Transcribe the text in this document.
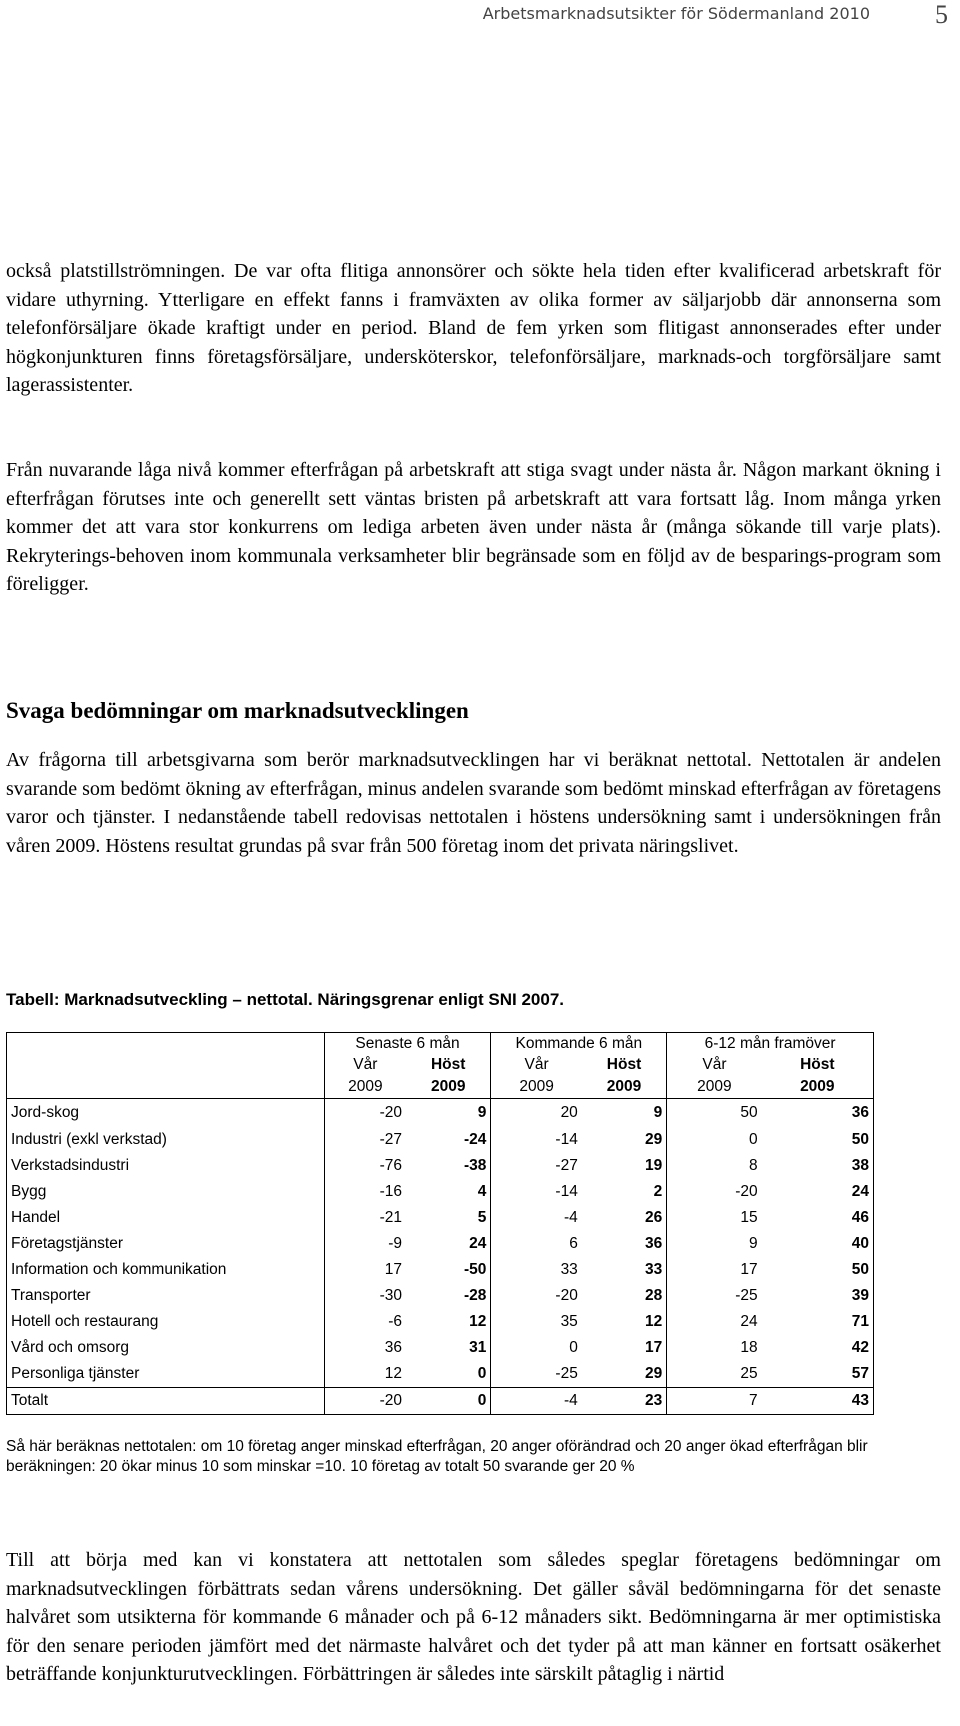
Arbetsmarknadsutsikter för Södermanland 2010	5

också platstillströmningen. De var ofta flitiga annonsörer och sökte hela tiden efter kvalificerad arbetskraft för vidare uthyrning. Ytterligare en effekt fanns i framväxten av olika former av säljarjobb där annonserna som telefonförsäljare ökade kraftigt under en period. Bland de fem yrken som flitigast annonserades efter under högkonjunkturen finns företagsförsäljare, undersköterskor, telefonförsäljare, marknads-och torgförsäljare samt lagerassistenter.

Från nuvarande låga nivå kommer efterfrågan på arbetskraft att stiga svagt under nästa år. Någon markant ökning i efterfrågan förutses inte och generellt sett väntas bristen på arbetskraft att vara fortsatt låg. Inom många yrken kommer det att vara stor konkurrens om lediga arbeten även under nästa år (många sökande till varje plats). Rekryterings-behoven inom kommunala verksamheter blir begränsade som en följd av de besparings-program som föreligger.

Svaga bedömningar om marknadsutvecklingen

Av frågorna till arbetsgivarna som berör marknadsutvecklingen har vi beräknat nettotal. Nettotalen är andelen svarande som bedömt ökning av efterfrågan, minus andelen svarande som bedömt minskad efterfrågan av företagens varor och tjänster. I nedanstående tabell redovisas nettotalen i höstens undersökning samt i undersökningen från våren 2009. Höstens resultat grundas på svar från 500 företag inom det privata näringslivet.

Tabell: Marknadsutveckling – nettotal. Näringsgrenar enligt SNI 2007.

	Senaste 6 mån		Kommande 6 mån		6-12 mån framöver	
	Vår	Höst	Vår	Höst	Vår	Höst
	2009	2009	2009	2009	2009	2009
Jord-skog	-20	9	20	9	50	36
Industri (exkl verkstad)	-27	-24	-14	29	0	50
Verkstadsindustri	-76	-38	-27	19	8	38
Bygg	-16	4	-14	2	-20	24
Handel	-21	5	-4	26	15	46
Företagstjänster	-9	24	6	36	9	40
Information och kommunikation	17	-50	33	33	17	50
Transporter	-30	-28	-20	28	-25	39
Hotell och restaurang	-6	12	35	12	24	71
Vård och omsorg	36	31	0	17	18	42
Personliga tjänster	12	0	-25	29	25	57
Totalt	-20	0	-4	23	7	43

Så här beräknas nettotalen: om 10 företag anger minskad efterfrågan, 20 anger oförändrad och 20 anger ökad efterfrågan blir beräkningen: 20 ökar minus 10 som minskar =10. 10 företag av totalt 50 svarande ger 20 %

Till att börja med kan vi konstatera att nettotalen som således speglar företagens bedömningar om marknadsutvecklingen förbättrats sedan vårens undersökning. Det gäller såväl bedömningarna för det senaste halvåret som utsikterna för kommande 6 månader och på 6-12 månaders sikt. Bedömningarna är mer optimistiska för den senare perioden jämfört med det närmaste halvåret och det tyder på att man känner en fortsatt osäkerhet beträffande konjunkturutvecklingen. Förbättringen är således inte särskilt påtaglig i närtid
